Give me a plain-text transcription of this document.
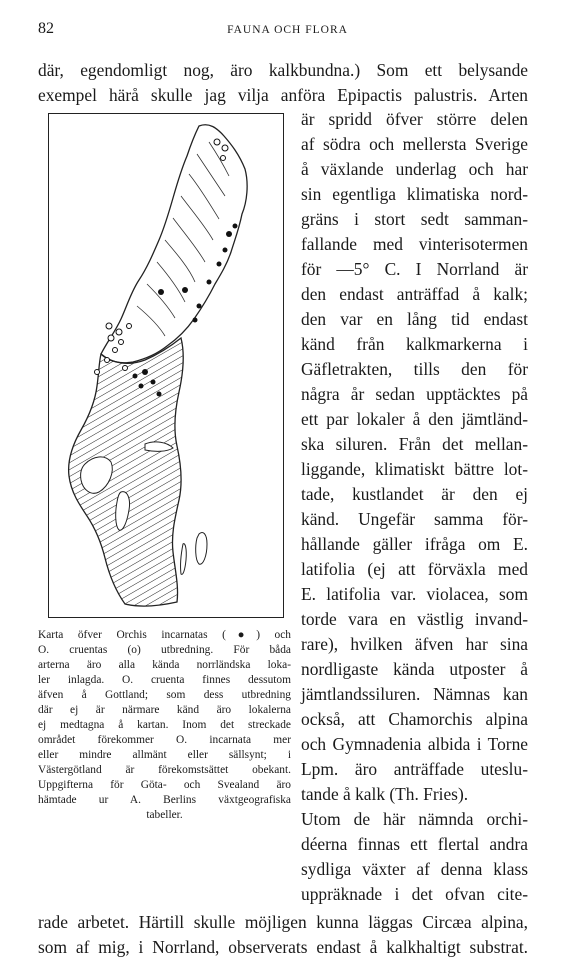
82	FAUNA OCH FLORA
där, egendomligt nog, äro kalkbundna.) Som ett belysande
exempel härå skulle jag vilja anföra Epipactis palustris. Arten
är spridd öfver större delen
af södra och mellersta Sverige
å växlande underlag och har
sin egentliga klimatiska nord-
gräns i stort sedt samman-
fallande med vinterisotermen
för —5° C. I Norrland är
den endast anträffad å kalk;
den var en lång tid endast
känd från kalkmarkerna i
Gäfletrakten, tills den för
några år sedan upptäcktes på
ett par lokaler å den jämtländ-
ska siluren. Från det mellan-
liggande, klimatiskt bättre lot-
tade, kustlandet är den ej
känd. Ungefär samma för-
hållande gäller ifråga om E.
latifolia (ej att förväxla med
E. latifolia var. violacea, som
torde vara en västlig invand-
rare), hvilken äfven har sina
nordligaste kända utposter å
jämtlandssiluren. Nämnas kan
också, att Chamorchis alpina
och Gymnadenia albida i Torne
Lpm. äro anträffade uteslu-
tande å kalk (Th. Fries).
Utom de här nämnda orchi-
déerna finnas ett flertal andra
sydliga växter af denna klass
uppräknade i det ofvan cite-
Karta öfver Orchis incarnatas (●) och
O. cruentas (o) utbredning. För båda
arterna äro alla kända norrländska loka-
ler inlagda. O. cruenta finnes dessutom
äfven å Gottland; som dess utbredning
där ej är närmare känd äro lokalerna
ej medtagna å kartan. Inom det streckade
området förekommer O. incarnata mer
eller mindre allmänt eller sällsynt; i
Västergötland är förekomstsättet obekant.
Uppgifterna för Göta- och Svealand äro
hämtade ur A. Berlins växtgeografiska
tabeller.
rade arbetet. Härtill skulle möjligen kunna läggas Circæa alpina,
som af mig, i Norrland, observerats endast å kalkhaltigt substrat.
